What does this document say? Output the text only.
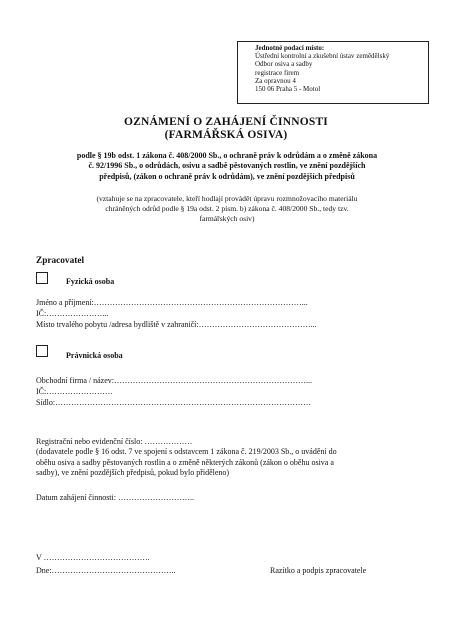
Jednotné podací místo:
Ústřední kontrolní a zkušební ústav zemědělský
Odbor osiva a sadby
registrace firem
Za opravnou 4
150 06 Praha 5 - Motol
OZNÁMENÍ O ZAHÁJENÍ ČINNOSTI
(FARMÁŘSKÁ OSIVA)
podle § 19b odst. 1 zákona č. 408/2000 Sb., o ochraně práv k odrůdám a o změně zákona
č. 92/1996 Sb., o odrůdách, osivu a sadbě pěstovaných rostlin, ve znění pozdějších
předpisů, (zákon o ochraně práv k odrůdám), ve znění pozdějších předpisů
(vztahuje se na zpracovatele, kteří hodlají provádět úpravu rozmnožovacího materiálu
chráněných odrůd podle § 19a odst. 2 písm. b) zákona č. 408/2000 Sb., tedy tzv.
farmářských osiv)
Zpracovatel
Fyzická osoba
Jméno a příjmení:……………………………………………………………………...
IČ:…………………...
Místo trvalého pobytu /adresa bydliště v zahraničí:……………………………………...
Právnická osoba
Obchodní firma / název:………………………………………………………………...
IČ:…………………….
Sídlo:……………………………………………………………………………………
Registrační nebo evidenční číslo: ………………
(dodavatele podle § 16 odst. 7 ve spojení s odstavcem 1 zákona č. 219/2003 Sb., o uvádění do
oběhu osiva a sadby pěstovaných rostlin a o změně některých zákonů (zákon o oběhu osiva a
sadby), ve znění pozdějších předpisů, pokud bylo přiděleno)
Datum zahájení činnosti: ………………………..
V ………………………………….
Dne:………………………………………..	Razítko a podpis zpracovatele
